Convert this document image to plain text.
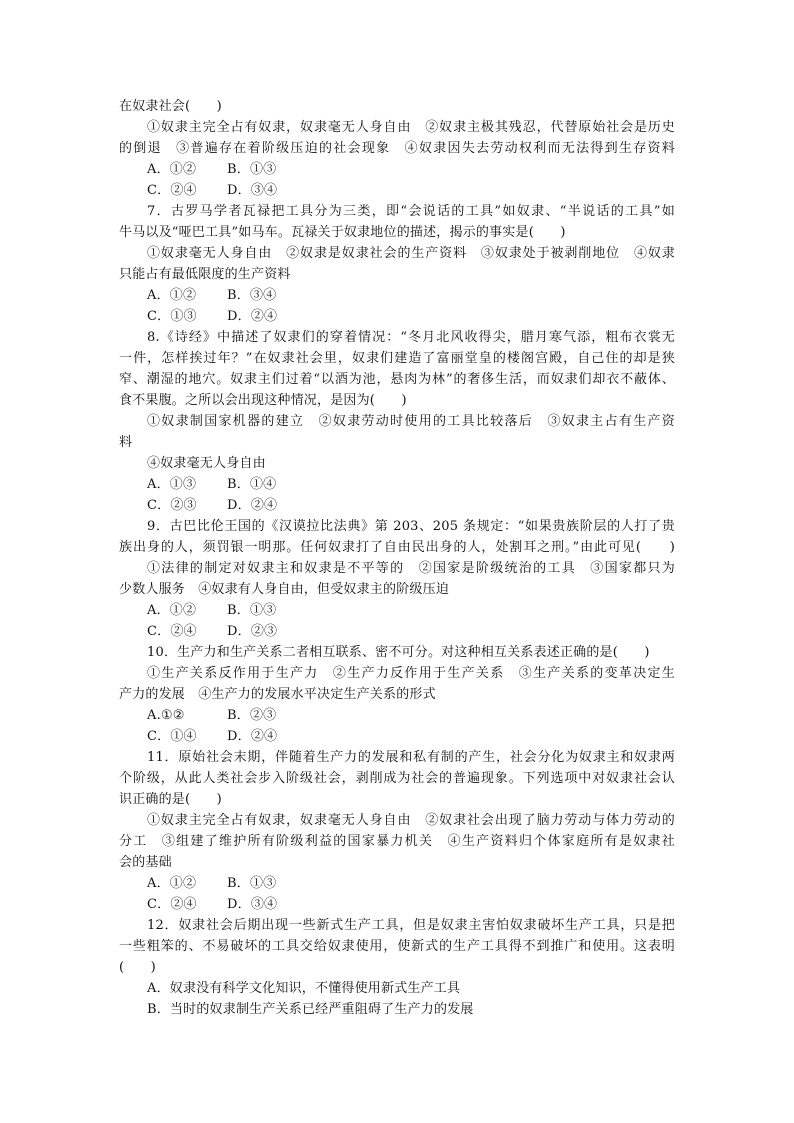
在奴隶社会(　　)
①奴隶主完全占有奴隶，奴隶毫无人身自由　②奴隶主极其残忍，代替原始社会是历史
的倒退　③普遍存在着阶级压迫的社会现象　④奴隶因失去劳动权利而无法得到生存资料
A．①② B．①③
C．②④ D．③④
7．古罗马学者瓦禄把工具分为三类，即“会说话的工具”如奴隶、“半说话的工具”如
牛马以及“哑巴工具”如马车。瓦禄关于奴隶地位的描述，揭示的事实是(　　)
①奴隶毫无人身自由　②奴隶是奴隶社会的生产资料　③奴隶处于被剥削地位　④奴隶
只能占有最低限度的生产资料
A．①② B．③④
C．①③ D．②④
8.《诗经》中描述了奴隶们的穿着情况：“冬月北风收得尖，腊月寒气添，粗布衣裳无
一件，怎样挨过年？”在奴隶社会里，奴隶们建造了富丽堂皇的楼阁宫殿，自己住的却是狭
窄、潮湿的地穴。奴隶主们过着“以酒为池，悬肉为林”的奢侈生活，而奴隶们却衣不蔽体、
食不果腹。之所以会出现这种情况，是因为(　　)
①奴隶制国家机器的建立　②奴隶劳动时使用的工具比较落后　③奴隶主占有生产资
料
④奴隶毫无人身自由
A．①③ B．①④
C．②③ D．②④
9．古巴比伦王国的《汉谟拉比法典》第 203、205 条规定：“如果贵族阶层的人打了贵
族出身的人，须罚银一明那。任何奴隶打了自由民出身的人，处割耳之刑。”由此可见(　　)
①法律的制定对奴隶主和奴隶是不平等的　②国家是阶级统治的工具　③国家都只为
少数人服务　④奴隶有人身自由，但受奴隶主的阶级压迫
A．①② B．①③
C．②④ D．②③
10．生产力和生产关系二者相互联系、密不可分。对这种相互关系表述正确的是(　　)
①生产关系反作用于生产力　②生产力反作用于生产关系　③生产关系的变革决定生
产力的发展　④生产力的发展水平决定生产关系的形式
A.①②	B．②③
C．①④ D．②④
11．原始社会末期，伴随着生产力的发展和私有制的产生，社会分化为奴隶主和奴隶两
个阶级，从此人类社会步入阶级社会，剥削成为社会的普遍现象。下列选项中对奴隶社会认
识正确的是(　　)
①奴隶主完全占有奴隶，奴隶毫无人身自由　②奴隶社会出现了脑力劳动与体力劳动的
分工　③组建了维护所有阶级利益的国家暴力机关　④生产资料归个体家庭所有是奴隶社
会的基础
A．①② B．①③
C．②④ D．③④
12．奴隶社会后期出现一些新式生产工具，但是奴隶主害怕奴隶破坏生产工具，只是把
一些粗笨的、不易破坏的工具交给奴隶使用，使新式的生产工具得不到推广和使用。这表明
(　　)
A．奴隶没有科学文化知识，不懂得使用新式生产工具
B．当时的奴隶制生产关系已经严重阻碍了生产力的发展
